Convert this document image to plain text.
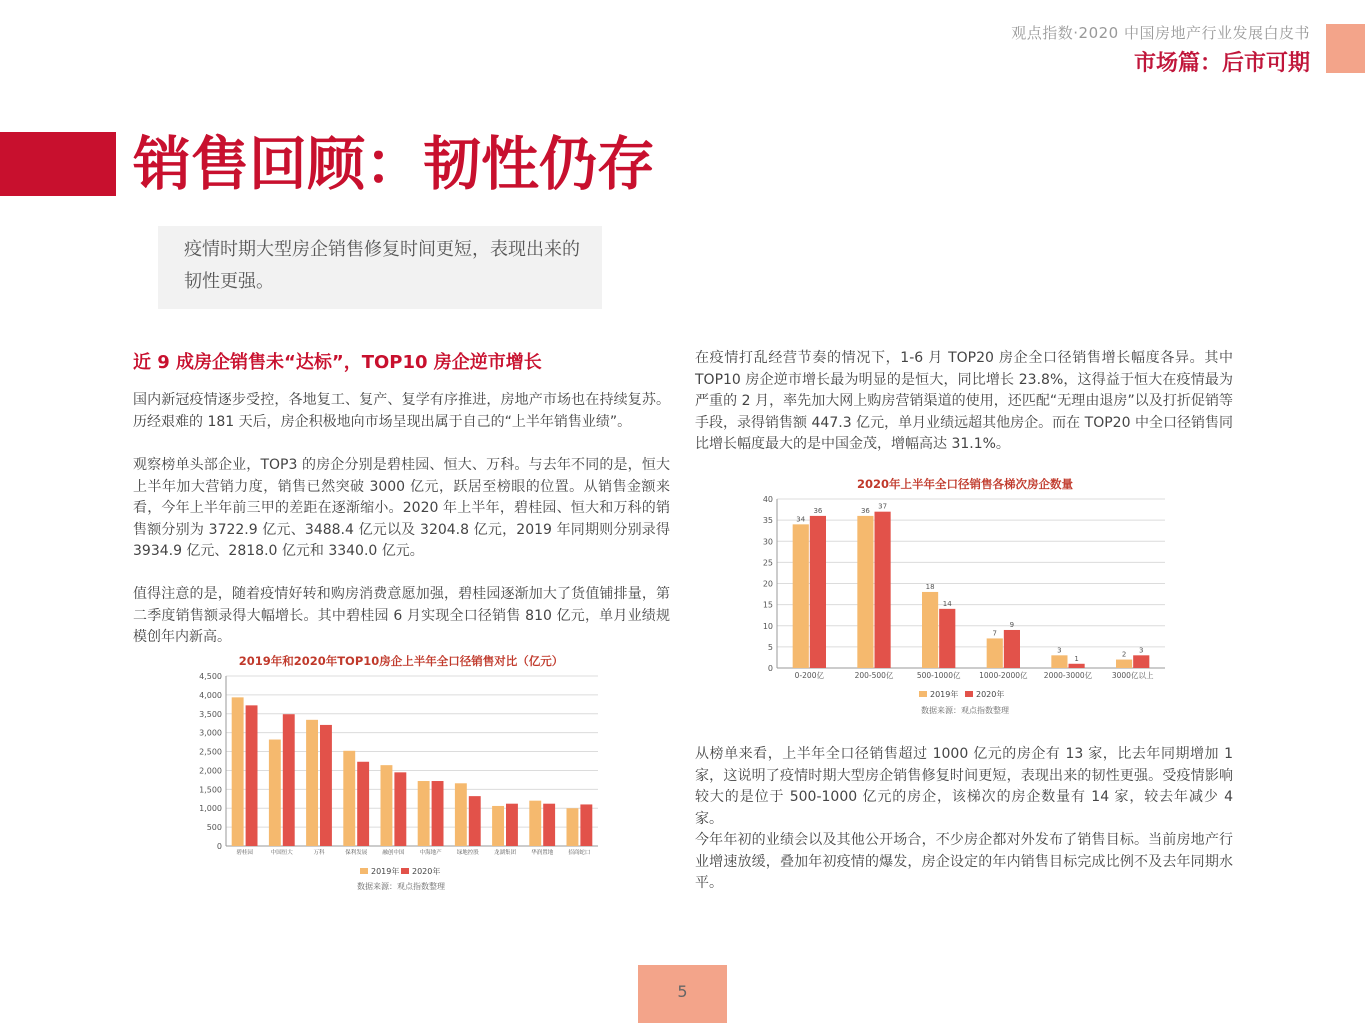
观点指数·2020 中国房地产行业发展白皮书
市场篇：后市可期
销售回顾：韧性仍存
疫情时期大型房企销售修复时间更短，表现出来的韧性更强。
近 9 成房企销售未“达标”，TOP10 房企逆市增长
国内新冠疫情逐步受控，各地复工、复产、复学有序推进，房地产市场也在持续复苏。历经艰难的 181 天后，房企积极地向市场呈现出属于自己的“上半年销售业绩”。
观察榜单头部企业，TOP3 的房企分别是碧桂园、恒大、万科。与去年不同的是，恒大上半年加大营销力度，销售已然突破 3000 亿元，跃居至榜眼的位置。从销售金额来看，今年上半年前三甲的差距在逐渐缩小。2020 年上半年，碧桂园、恒大和万科的销售额分别为 3722.9 亿元、3488.4 亿元以及 3204.8 亿元，2019 年同期则分别录得 3934.9 亿元、2818.0 亿元和 3340.0 亿元。
值得注意的是，随着疫情好转和购房消费意愿加强，碧桂园逐渐加大了货值铺排量，第二季度销售额录得大幅增长。其中碧桂园 6 月实现全口径销售 810 亿元，单月业绩规模创年内新高。
2019年和2020年TOP10房企上半年全口径销售对比（亿元）
0
500
1,000
1,500
2,000
2,500
3,000
3,500
4,000
4,500
碧桂园	中国恒大	万科	保利发展	融创中国	中海地产	绿地控股	龙湖集团	华润置地	招商蛇口
2019年 2020年
数据来源：观点指数整理
在疫情打乱经营节奏的情况下，1-6 月 TOP20 房企全口径销售增长幅度各异。其中TOP10 房企逆市增长最为明显的是恒大，同比增长 23.8%，这得益于恒大在疫情最为严重的 2 月，率先加大网上购房营销渠道的使用，还匹配“无理由退房”以及打折促销等手段，录得销售额 447.3 亿元，单月业绩远超其他房企。而在 TOP20 中全口径销售同比增长幅度最大的是中国金茂，增幅高达 31.1%。
2020年上半年全口径销售各梯次房企数量
0
5
10
15
20
25
30
35
40
34
36
0-200亿
36
37
200-500亿
18
14
500-1000亿
7
9
1000-2000亿
3
1
2000-3000亿
2
3
3000亿以上
2019年 2020年
数据来源：观点指数整理
从榜单来看，上半年全口径销售超过 1000 亿元的房企有 13 家，比去年同期增加 1 家，这说明了疫情时期大型房企销售修复时间更短，表现出来的韧性更强。受疫情影响较大的是位于 500-1000 亿元的房企，该梯次的房企数量有 14 家，较去年减少 4 家。
今年年初的业绩会以及其他公开场合，不少房企都对外发布了销售目标。当前房地产行业增速放缓，叠加年初疫情的爆发，房企设定的年内销售目标完成比例不及去年同期水平。
5
